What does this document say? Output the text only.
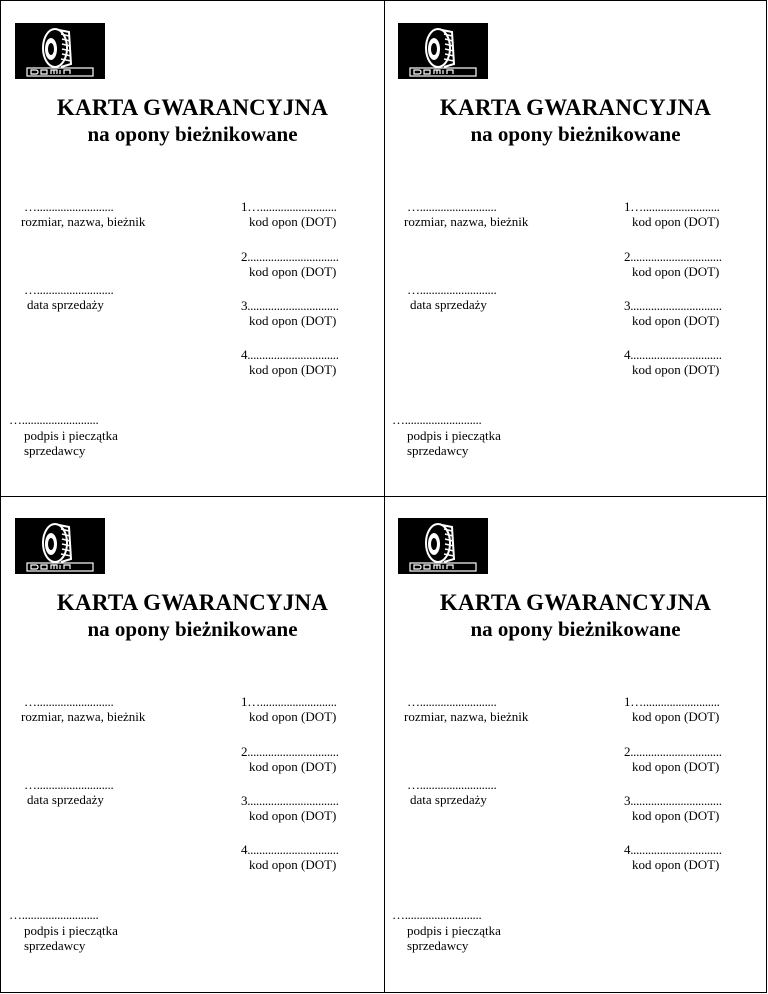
KARTA GWARANCYJNA
na opony bieżnikowane
…..........................
rozmiar, nazwa, bieżnik
…..........................
data sprzedaży
1…..........................
kod opon (DOT)
2...............................
kod opon (DOT)
3...............................
kod opon (DOT)
4...............................
kod opon (DOT)
…..........................
podpis i pieczątka
sprzedawcy
KARTA GWARANCYJNA
na opony bieżnikowane
…..........................
rozmiar, nazwa, bieżnik
…..........................
data sprzedaży
1…..........................
kod opon (DOT)
2...............................
kod opon (DOT)
3...............................
kod opon (DOT)
4...............................
kod opon (DOT)
…..........................
podpis i pieczątka
sprzedawcy
KARTA GWARANCYJNA
na opony bieżnikowane
…..........................
rozmiar, nazwa, bieżnik
…..........................
data sprzedaży
1…..........................
kod opon (DOT)
2...............................
kod opon (DOT)
3...............................
kod opon (DOT)
4...............................
kod opon (DOT)
…..........................
podpis i pieczątka
sprzedawcy
KARTA GWARANCYJNA
na opony bieżnikowane
…..........................
rozmiar, nazwa, bieżnik
…..........................
data sprzedaży
1…..........................
kod opon (DOT)
2...............................
kod opon (DOT)
3...............................
kod opon (DOT)
4...............................
kod opon (DOT)
…..........................
podpis i pieczątka
sprzedawcy
